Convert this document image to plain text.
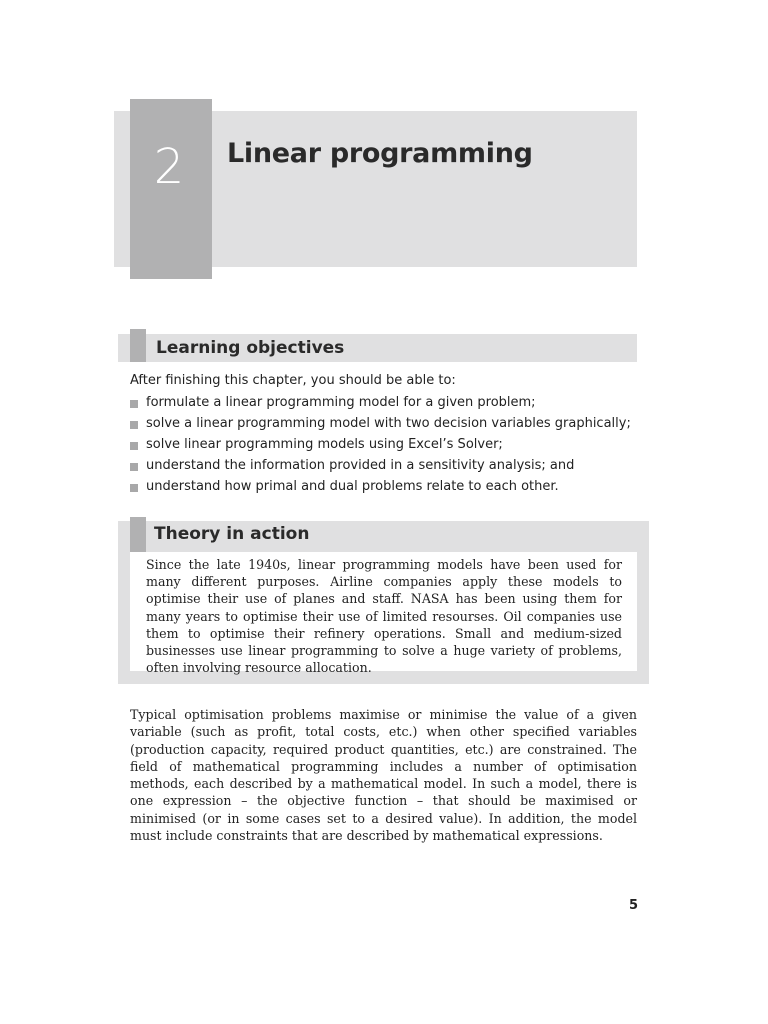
2	Linear programming
Learning objectives
After finishing this chapter, you should be able to:
formulate a linear programming model for a given problem;
solve a linear programming model with two decision variables graphically;
solve linear programming models using Excel’s Solver;
understand the information provided in a sensitivity analysis; and
understand how primal and dual problems relate to each other.
Theory in action

Since the late 1940s, linear programming models have been used for many different purposes. Airline companies apply these models to optimise their use of planes and staff. NASA has been using them for many years to optimise their use of limited resourses. Oil companies use them to optimise their refinery operations. Small and medium-sized businesses use linear programming to solve a huge variety of problems, often involving resource allocation.

Typical optimisation problems maximise or minimise the value of a given variable (such as profit, total costs, etc.) when other specified variables (production capacity, required product quantities, etc.) are constrained. The field of mathematical programming includes a number of optimisation methods, each described by a mathematical model. In such a model, there is one expression – the objective function – that should be maximised or minimised (or in some cases set to a desired value). In addition, the model must include constraints that are described by mathematical expressions.

5
